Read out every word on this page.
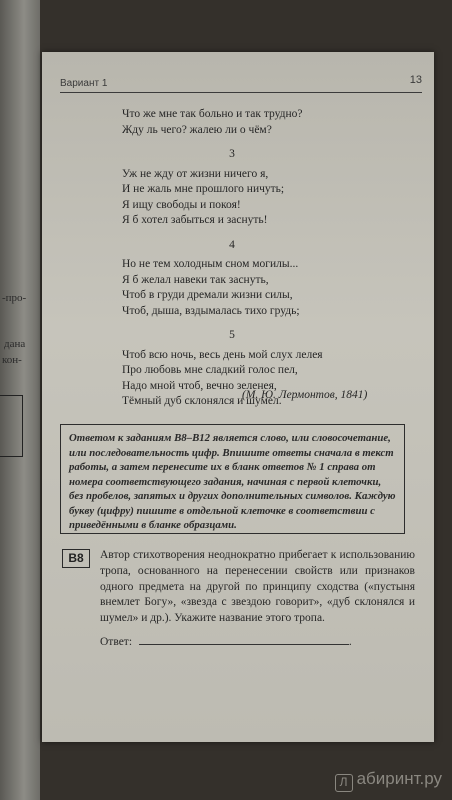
-про-
дана
кон-
Вариант 1	13
Что же мне так больно и так трудно?
Жду ль чего? жалею ли о чём?
3
Уж не жду от жизни ничего я,
И не жаль мне прошлого ничуть;
Я ищу свободы и покоя!
Я б хотел забыться и заснуть!
4
Но не тем холодным сном могилы...
Я б желал навеки так заснуть,
Чтоб в груди дремали жизни силы,
Чтоб, дыша, вздымалась тихо грудь;
5
Чтоб всю ночь, весь день мой слух лелея
Про любовь мне сладкий голос пел,
Надо мной чтоб, вечно зеленея,
Тёмный дуб склонялся и шумел.
(М. Ю. Лермонтов, 1841)
Ответом к заданиям В8–В12 является слово, или словосочетание, или последовательность цифр. Впишите ответы сначала в текст работы, а затем перенесите их в бланк ответов № 1 справа от номера соответствующего задания, начиная с первой клеточки, без пробелов, запятых и других дополнительных символов. Каждую букву (цифру) пишите в отдельной клеточке в соответствии с приведёнными в бланке образцами.
В8	Автор стихотворения неоднократно прибегает к использованию тропа, основанного на перенесении свойств или признаков одного предмета на другой по принципу сходства («пустыня внемлет Богу», «звезда с звездою говорит», «дуб склонялся и шумел» и др.). Укажите название этого тропа.
Ответ:	.
Л абиринт.ру
